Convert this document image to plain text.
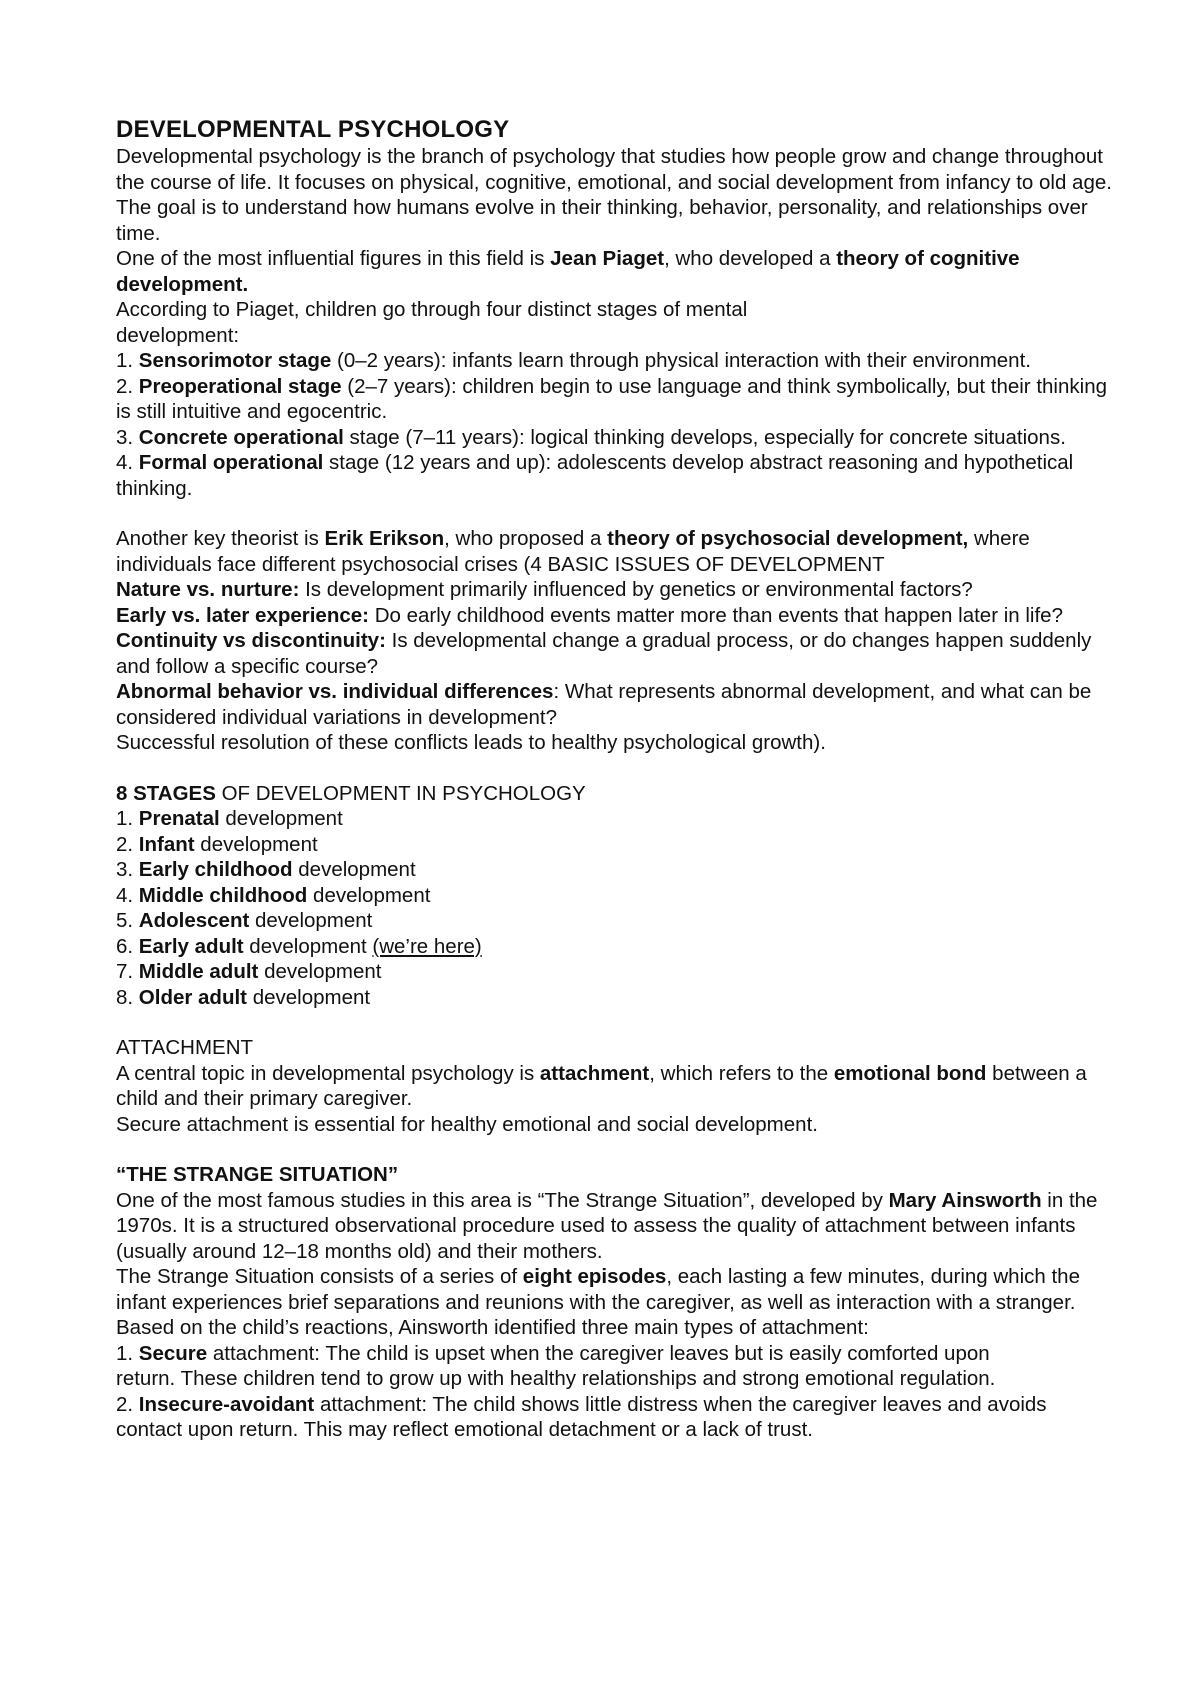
DEVELOPMENTAL PSYCHOLOGY

Developmental psychology is the branch of psychology that studies how people grow and change throughout the course of life. It focuses on physical, cognitive, emotional, and social development from infancy to old age. The goal is to understand how humans evolve in their thinking, behavior, personality, and relationships over time.

One of the most influential figures in this field is Jean Piaget, who developed a theory of cognitive development.

According to Piaget, children go through four distinct stages of mental development:

1. Sensorimotor stage (0–2 years): infants learn through physical interaction with their environment.

2. Preoperational stage (2–7 years): children begin to use language and think symbolically, but their thinking is still intuitive and egocentric.

3. Concrete operational stage (7–11 years): logical thinking develops, especially for concrete situations.

4. Formal operational stage (12 years and up): adolescents develop abstract reasoning and hypothetical thinking.

Another key theorist is Erik Erikson, who proposed a theory of psychosocial development, where individuals face different psychosocial crises (4 BASIC ISSUES OF DEVELOPMENT

Nature vs. nurture: Is development primarily influenced by genetics or environmental factors?

Early vs. later experience: Do early childhood events matter more than events that happen later in life?

Continuity vs discontinuity: Is developmental change a gradual process, or do changes happen suddenly and follow a specific course?

Abnormal behavior vs. individual differences: What represents abnormal development, and what can be considered individual variations in development?

Successful resolution of these conflicts leads to healthy psychological growth).

8 STAGES OF DEVELOPMENT IN PSYCHOLOGY

1. Prenatal development

2. Infant development

3. Early childhood development

4. Middle childhood development

5. Adolescent development

6. Early adult development (we’re here)

7. Middle adult development

8. Older adult development

ATTACHMENT

A central topic in developmental psychology is attachment, which refers to the emotional bond between a child and their primary caregiver.

Secure attachment is essential for healthy emotional and social development.

“THE STRANGE SITUATION”

One of the most famous studies in this area is “The Strange Situation”, developed by Mary Ainsworth in the 1970s. It is a structured observational procedure used to assess the quality of attachment between infants (usually around 12–18 months old) and their mothers.

The Strange Situation consists of a series of eight episodes, each lasting a few minutes, during which the infant experiences brief separations and reunions with the caregiver, as well as interaction with a stranger. Based on the child’s reactions, Ainsworth identified three main types of attachment:

1. Secure attachment: The child is upset when the caregiver leaves but is easily comforted upon return. These children tend to grow up with healthy relationships and strong emotional regulation.

2. Insecure-avoidant attachment: The child shows little distress when the caregiver leaves and avoids contact upon return. This may reflect emotional detachment or a lack of trust.
